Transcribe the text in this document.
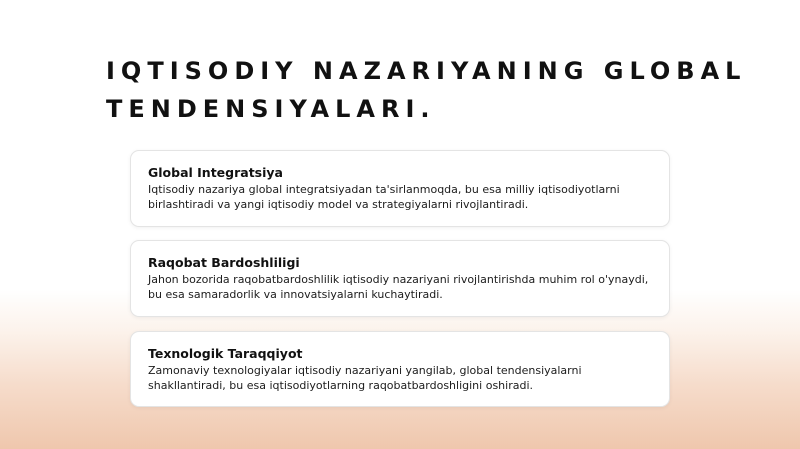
IQTISODIY NAZARIYANING GLOBAL TENDENSIYALARI.
Global Integratsiya

Iqtisodiy nazariya global integratsiyadan ta'sirlanmoqda, bu esa milliy iqtisodiyotlarni birlashtiradi va yangi iqtisodiy model va strategiyalarni rivojlantiradi.

Raqobat Bardoshliligi

Jahon bozorida raqobatbardoshlilik iqtisodiy nazariyani rivojlantirishda muhim rol o'ynaydi, bu esa samaradorlik va innovatsiyalarni kuchaytiradi.

Texnologik Taraqqiyot

Zamonaviy texnologiyalar iqtisodiy nazariyani yangilab, global tendensiyalarni shakllantiradi, bu esa iqtisodiyotlarning raqobatbardoshligini oshiradi.
